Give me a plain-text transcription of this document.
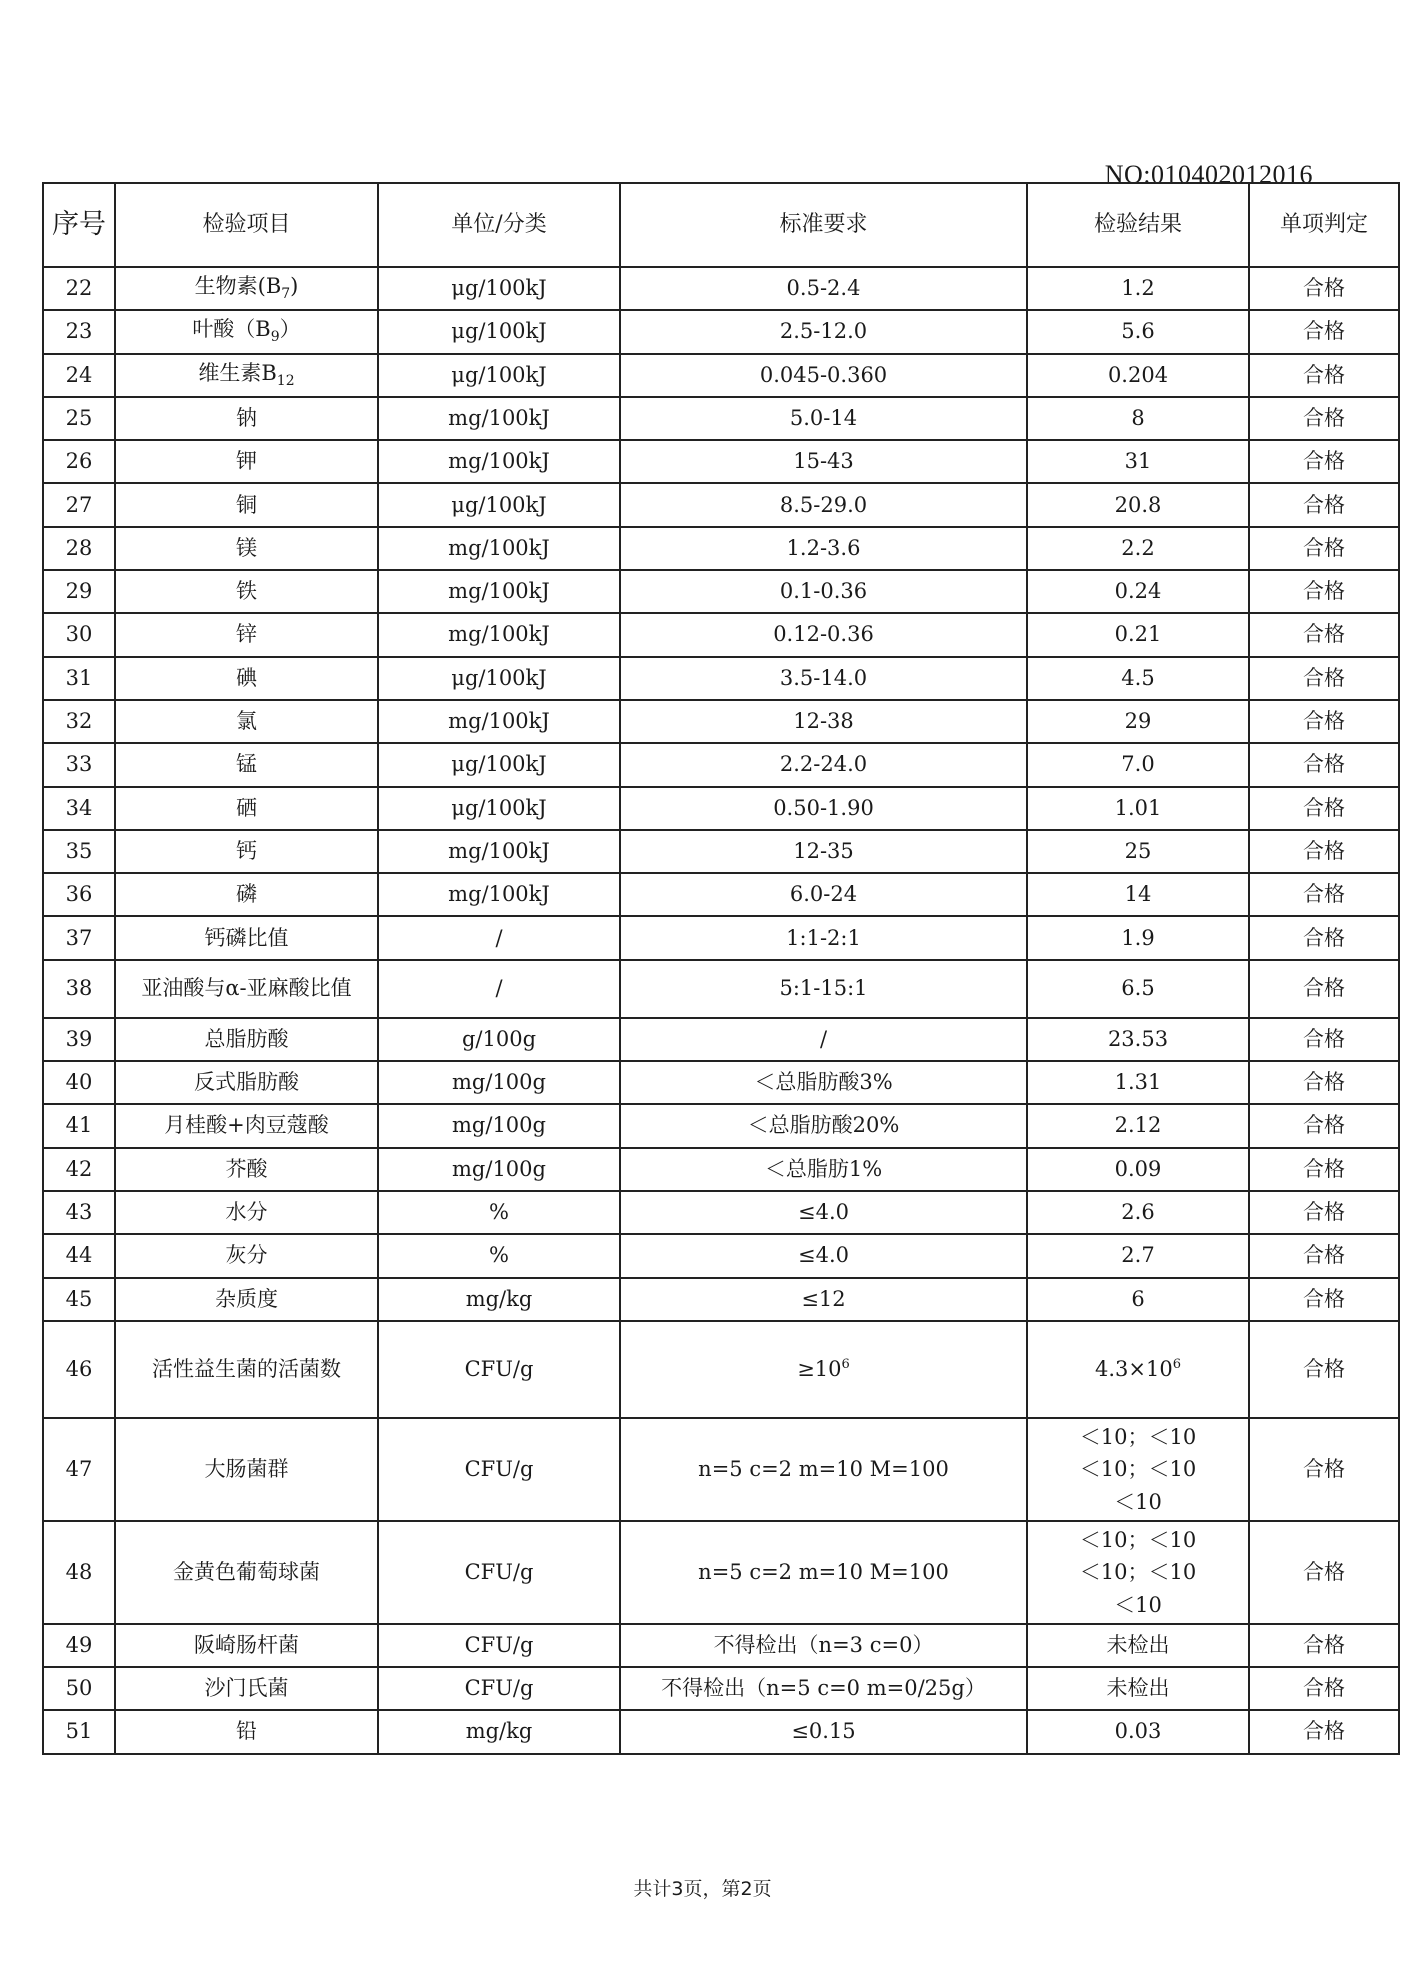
NO:010402012016
序号	检验项目	单位/分类	标准要求	检验结果	单项判定
22	生物素$(B_7)$	μg/100kJ	0.5-2.4	1.2	合格
23	叶酸$(B_9)$	μg/100kJ	2.5-12.0	5.6	合格
24	维生素$B_{12}$	μg/100kJ	0.045-0.360	0.204	合格
25	钠	mg/100kJ	5.0-14	8	合格
26	钾	mg/100kJ	15-43	31	合格
27	铜	μg/100kJ	8.5-29.0	20.8	合格
28	镁	mg/100kJ	1.2-3.6	2.2	合格
29	铁	mg/100kJ	0.1-0.36	0.24	合格
30	锌	mg/100kJ	0.12-0.36	0.21	合格
31	碘	μg/100kJ	3.5-14.0	4.5	合格
32	氯	mg/100kJ	12-38	29	合格
33	锰	μg/100kJ	2.2-24.0	7.0	合格
34	硒	μg/100kJ	0.50-1.90	1.01	合格
35	钙	mg/100kJ	12-35	25	合格
36	磷	mg/100kJ	6.0-24	14	合格
37	钙磷比值	/	1:1-2:1	1.9	合格
38	亚油酸与α-亚麻酸比值	/	5:1-15:1	6.5	合格
39	总脂肪酸	g/100g	/	23.53	合格
40	反式脂肪酸	mg/100g	＜总脂肪酸3%	1.31	合格
41	月桂酸+肉豆蔻酸	mg/100g	＜总脂肪酸20%	2.12	合格
42	芥酸	mg/100g	＜总脂肪1%	0.09	合格
43	水分	%	≤4.0	2.6	合格
44	灰分	%	≤4.0	2.7	合格
45	杂质度	mg/kg	≤12	6	合格
46	活性益生菌的活菌数	CFU/g	$\ge 10^6$	$4.3\times 10^6$	合格
47	大肠菌群	CFU/g	n=5 c=2 m=10 M=100	＜10；＜10
＜10；＜10
＜10	合格
48	金黄色葡萄球菌	CFU/g	n=5 c=2 m=10 M=100	＜10；＜10
＜10；＜10
＜10	合格
49	阪崎肠杆菌	CFU/g	不得检出（n=3 c=0）	未检出	合格
50	沙门氏菌	CFU/g	不得检出（n=5 c=0 m=0/25g）	未检出	合格
51	铅	mg/kg	≤0.15	0.03	合格
共计3页，第2页
